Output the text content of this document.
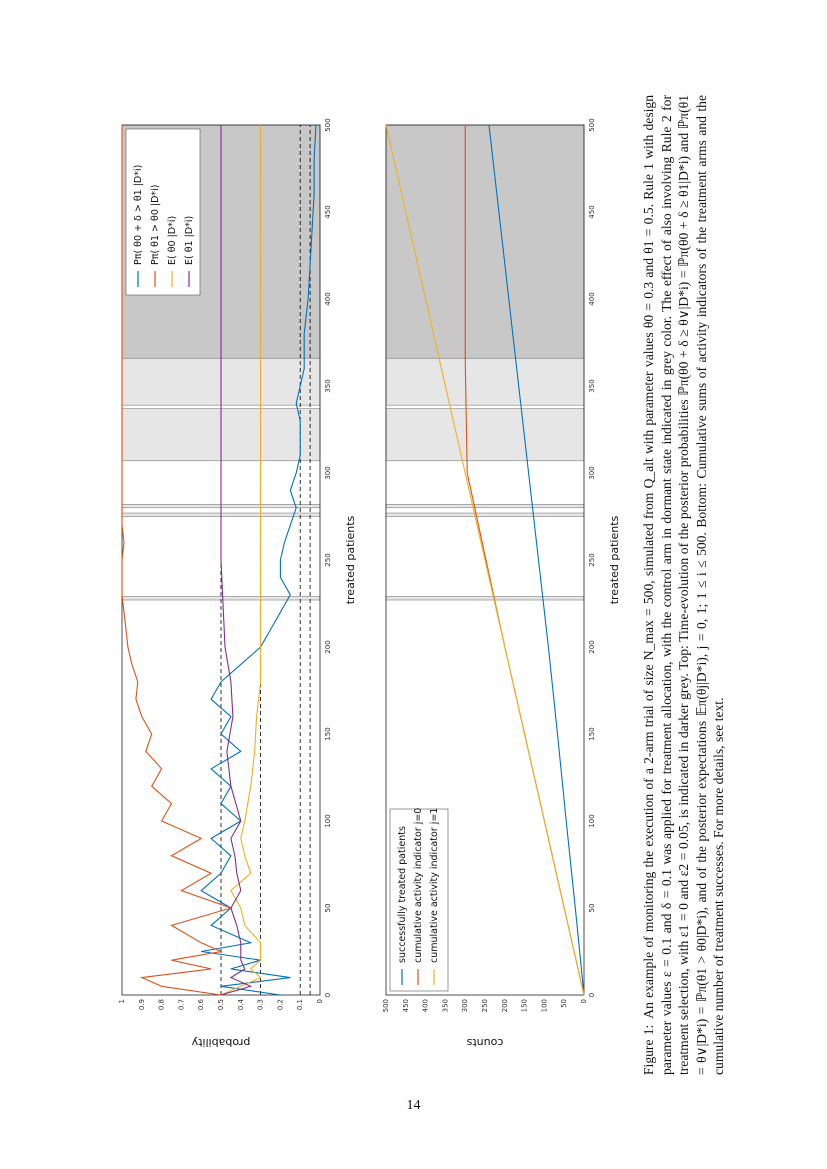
0
0.1
0.2
0.3
0.4
0.5
0.6
0.7
0.8
0.9
1
0
50
100
150
200
250
300
350
400
450
500
probability
treated patients
Pπ( θ0 + δ > θ1 |D*i) Pπ( θ1 > θ0 |D*i) E( θ0 |D*i) E( θ1 |D*i)
0
50
100
150
200
250
300
350
400
450
500
0
50
100
150
200
250
300
350
400
450
500
counts
treated patients
successfully treated patients cumulative activity indicator j=0 cumulative activity indicator j=1

Figure 1:An example of monitoring the execution of a 2-arm trial of size N_max = 500, simulated from Q_alt with parameter values θ0 = 0.3 and θ1 = 0.5. Rule 1 with design parameter values ε = 0.1 and δ = 0.1 was applied for treatment allocation, with the control arm in dormant state indicated in grey color. The effect of also involving Rule 2 for treatment selection, with ε1 = 0 and ε2 = 0.05, is indicated in darker grey. Top: Time-evolution of the posterior probabilities ℙπ(θ0 + δ ≥ θ∨|D*i) = ℙπ(θ0 + δ ≥ θ1|D*i) and ℙπ(θ1 = θ∨|D*i) = ℙπ(θ1 > θ0|D*i), and of the posterior expectations 𝔼π(θj|D*i), j = 0, 1; 1 ≤ i ≤ 500. Bottom: Cumulative sums of activity indicators of the treatment arms and the cumulative number of treatment successes. For more details, see text.

14
